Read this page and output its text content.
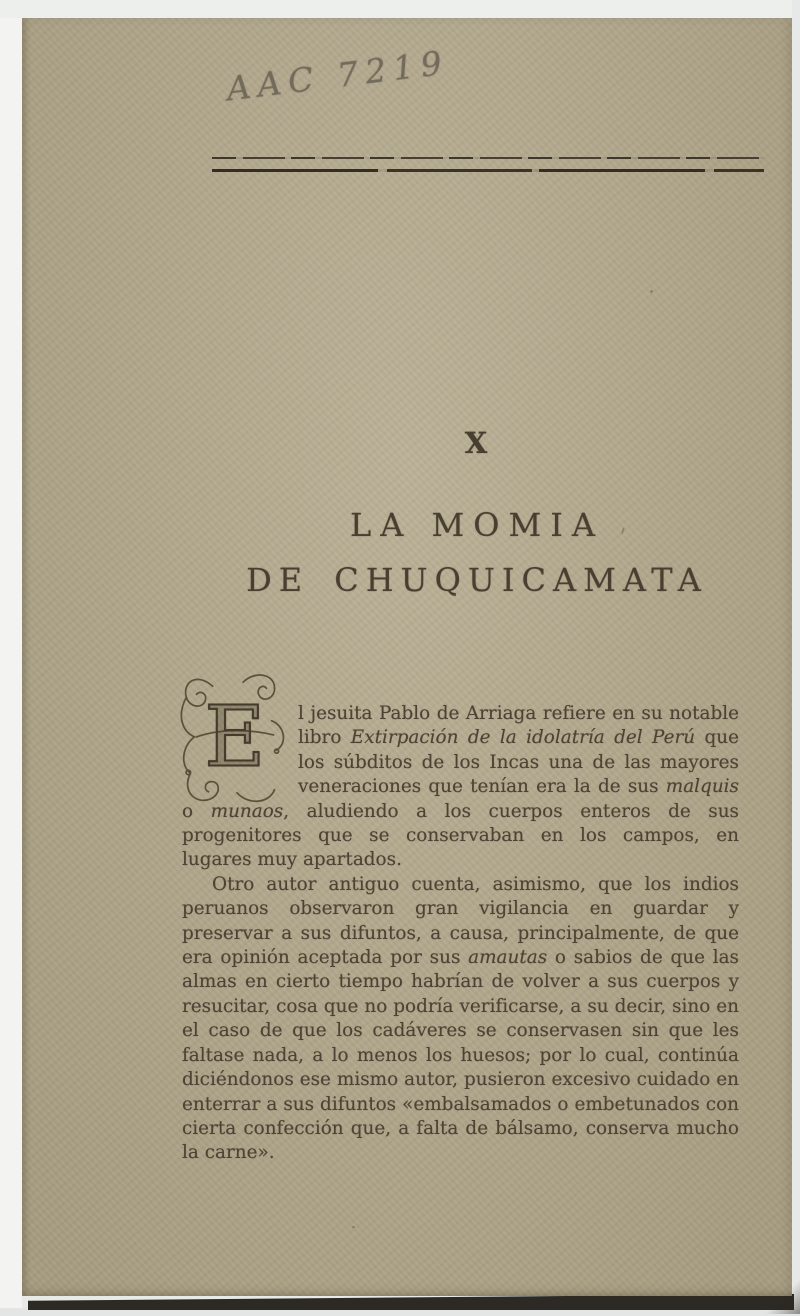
AAC 7219
X
LA MOMIA
DE CHUQUICAMATA
E	l jesuita Pablo de Arriaga refiere en su notable libro Extirpación de la idolatría del Perú que los súbditos de los Incas una de las mayores veneraciones que tenían era la de sus malquis o munaos, aludiendo a los cuerpos enteros de sus progenitores que se conservaban en los campos, en lugares muy apartados.

Otro autor antiguo cuenta, asimismo, que los indios peruanos observaron gran vigilancia en guardar y preservar a sus difuntos, a causa, principalmente, de que era opinión aceptada por sus amautas o sabios de que las almas en cierto tiempo habrían de volver a sus cuerpos y resucitar, cosa que no podría verificarse, a su decir, sino en el caso de que los cadáveres se conservasen sin que les faltase nada, a lo menos los huesos; por lo cual, continúa diciéndonos ese mismo autor, pusieron excesivo cuidado en enterrar a sus difuntos «embalsamados o embetunados con cierta confección que, a falta de bálsamo, conserva mucho la carne».
